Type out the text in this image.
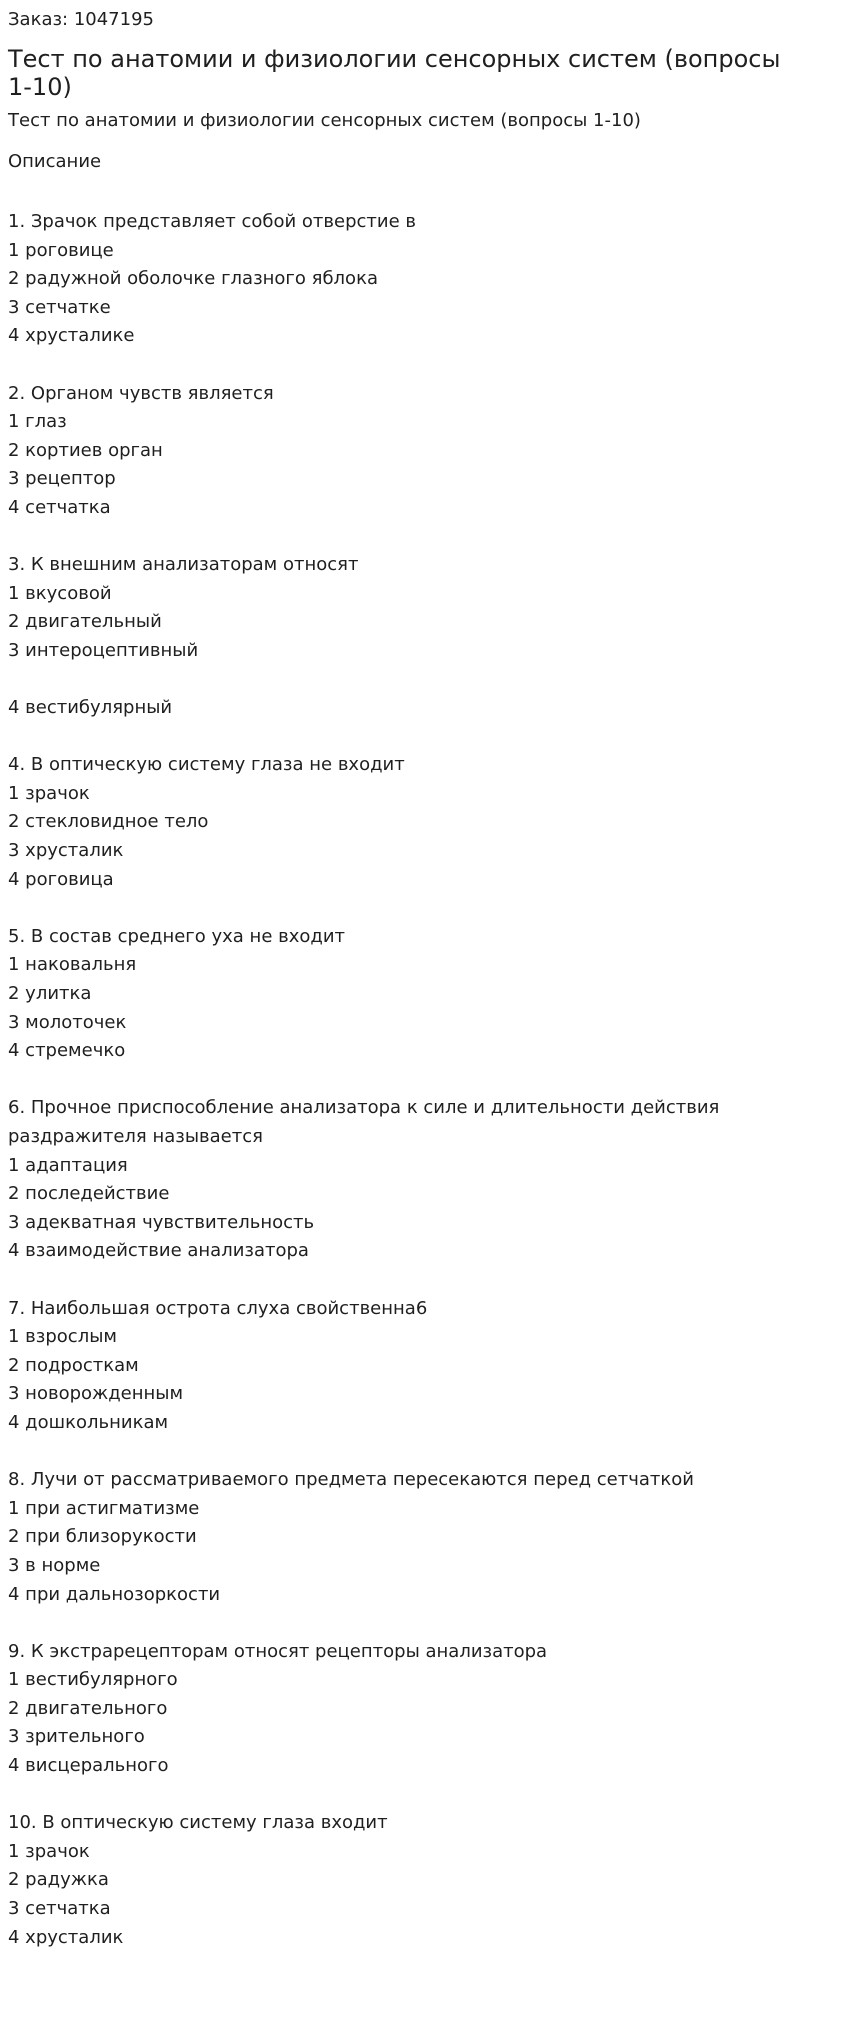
Заказ: 1047195
Тест по анатомии и физиологии сенсорных систем (вопросы 1-10)
Тест по анатомии и физиологии сенсорных систем (вопросы 1-10)
Описание
1. Зрачок представляет собой отверстие в
1 роговице
2 радужной оболочке глазного яблока
3 сетчатке
4 хрусталике
2. Органом чувств является
1 глаз
2 кортиев орган
3 рецептор
4 сетчатка
3. К внешним анализаторам относят
1 вкусовой
2 двигательный
3 интероцептивный
4 вестибулярный
4. В оптическую систему глаза не входит
1 зрачок
2 стекловидное тело
3 хрусталик
4 роговица
5. В состав среднего уха не входит
1 наковальня
2 улитка
3 молоточек
4 стремечко
6. Прочное приспособление анализатора к силе и длительности действия
раздражителя называется
1 адаптация
2 последействие
3 адекватная чувствительность
4 взаимодействие анализатора
7. Наибольшая острота слуха свойственна6
1 взрослым
2 подросткам
3 новорожденным
4 дошкольникам
8. Лучи от рассматриваемого предмета пересекаются перед сетчаткой
1 при астигматизме
2 при близорукости
3 в норме
4 при дальнозоркости
9. К экстрарецепторам относят рецепторы анализатора
1 вестибулярного
2 двигательного
3 зрительного
4 висцерального
10. В оптическую систему глаза входит
1 зрачок
2 радужка
3 сетчатка
4 хрусталик
